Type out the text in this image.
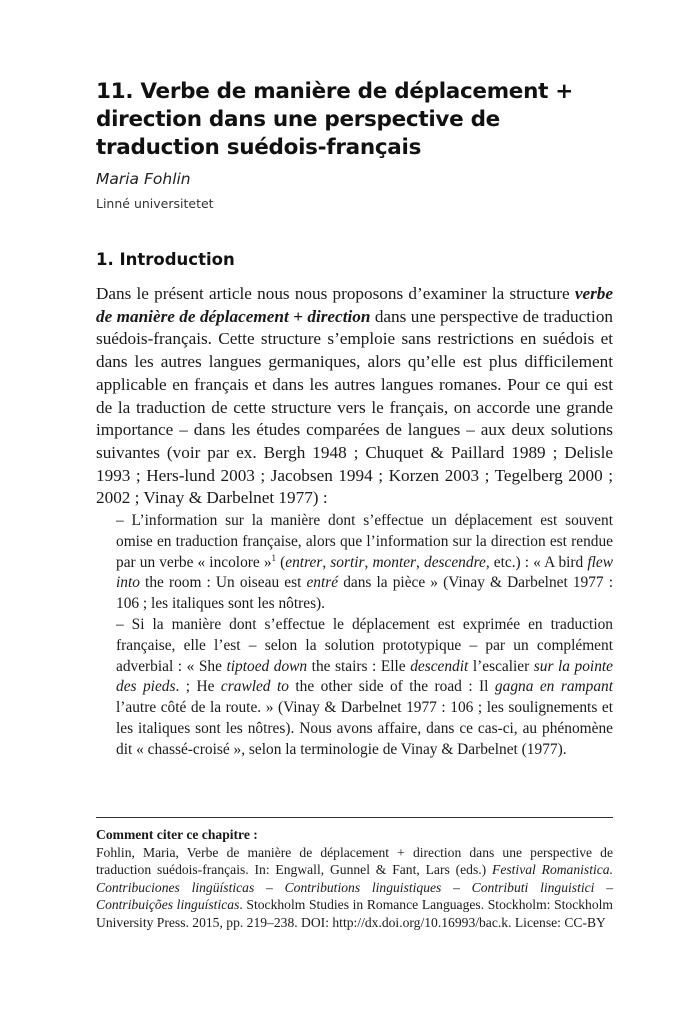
11. Verbe de manière de déplacement + direction dans une perspective de traduction suédois-français
Maria Fohlin
Linné universitetet
1. Introduction

Dans le présent article nous nous proposons d’examiner la structure verbe de manière de déplacement + direction dans une perspective de traduction suédois-français. Cette structure s’emploie sans restrictions en suédois et dans les autres langues germaniques, alors qu’elle est plus difficilement applicable en français et dans les autres langues romanes. Pour ce qui est de la traduction de cette structure vers le français, on accorde une grande importance – dans les études comparées de langues – aux deux solutions suivantes (voir par ex. Bergh 1948 ; Chuquet & Paillard 1989 ; Delisle 1993 ; Hers-lund 2003 ; Jacobsen 1994 ; Korzen 2003 ; Tegelberg 2000 ; 2002 ; Vinay & Darbelnet 1977) :

– L’information sur la manière dont s’effectue un déplacement est souvent omise en traduction française, alors que l’information sur la direction est rendue par un verbe « incolore »$^1$ (entrer, sortir, monter, descendre, etc.) : « A bird flew into the room : Un oiseau est entré dans la pièce » (Vinay & Darbelnet 1977 : 106 ; les italiques sont les nôtres).

– Si la manière dont s’effectue le déplacement est exprimée en traduction française, elle l’est – selon la solution prototypique – par un complément adverbial : « She tiptoed down the stairs : Elle descendit l’escalier sur la pointe des pieds. ; He crawled to the other side of the road : Il gagna en rampant l’autre côté de la route. » (Vinay & Darbelnet 1977 : 106 ; les soulignements et les italiques sont les nôtres). Nous avons affaire, dans ce cas-ci, au phénomène dit « chassé-croisé », selon la terminologie de Vinay & Darbelnet (1977).

Comment citer ce chapitre :

Fohlin, Maria, Verbe de manière de déplacement + direction dans une perspective de traduction suédois-français. In: Engwall, Gunnel & Fant, Lars (eds.) Festival Romanistica. Contribuciones lingüísticas – Contributions linguistiques – Contributi linguistici – Contribuições linguísticas. Stockholm Studies in Romance Languages. Stockholm: Stockholm University Press. 2015, pp. 219–238. DOI: http://dx.doi.org/10.16993/bac.k. License: CC-BY
